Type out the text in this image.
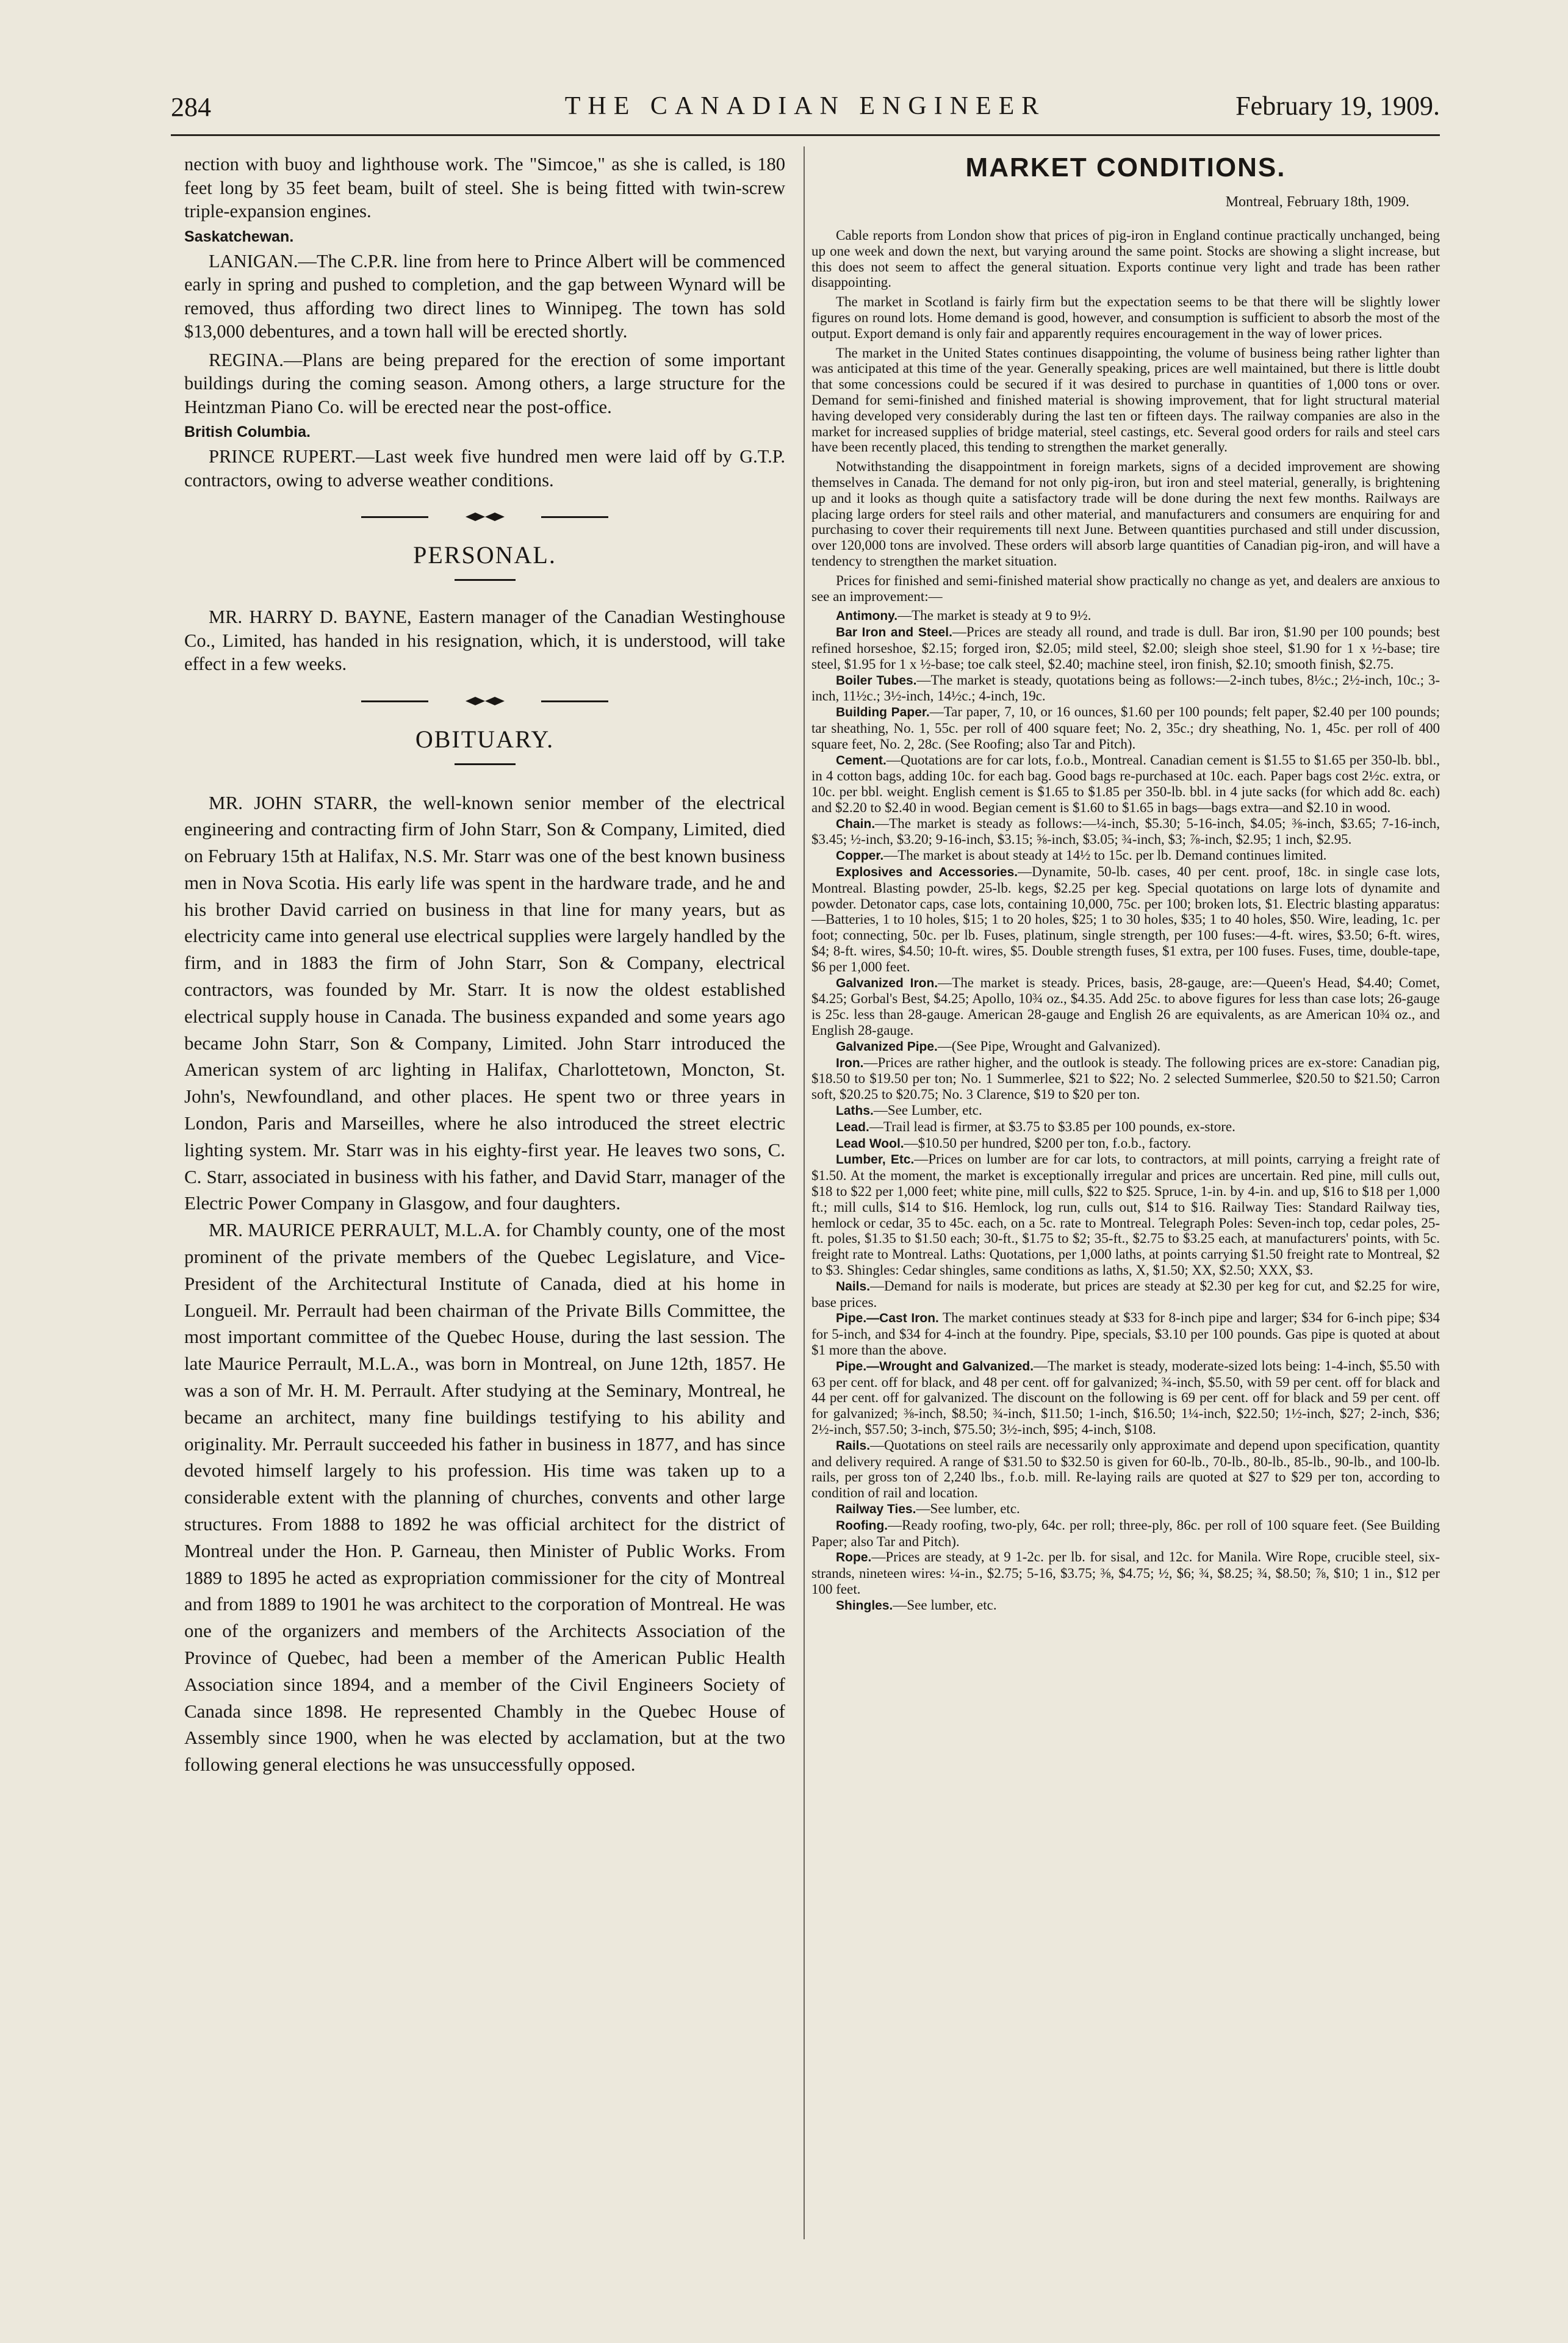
284	THE CANADIAN ENGINEER	February 19, 1909.

nection with buoy and lighthouse work. The "Simcoe," as she is called, is 180 feet long by 35 feet beam, built of steel. She is being fitted with twin-screw triple-expansion engines.

Saskatchewan.

LANIGAN.—The C.P.R. line from here to Prince Albert will be commenced early in spring and pushed to completion, and the gap between Wynard will be removed, thus affording two direct lines to Winnipeg. The town has sold $13,000 debentures, and a town hall will be erected shortly.

REGINA.—Plans are being prepared for the erection of some important buildings during the coming season. Among others, a large structure for the Heintzman Piano Co. will be erected near the post-office.

British Columbia.

PRINCE RUPERT.—Last week five hundred men were laid off by G.T.P. contractors, owing to adverse weather conditions.

PERSONAL.

MR. HARRY D. BAYNE, Eastern manager of the Canadian Westinghouse Co., Limited, has handed in his resignation, which, it is understood, will take effect in a few weeks.

OBITUARY.

MR. JOHN STARR, the well-known senior member of the electrical engineering and contracting firm of John Starr, Son & Company, Limited, died on February 15th at Halifax, N.S. Mr. Starr was one of the best known business men in Nova Scotia. His early life was spent in the hardware trade, and he and his brother David carried on business in that line for many years, but as electricity came into general use electrical supplies were largely handled by the firm, and in 1883 the firm of John Starr, Son & Company, electrical contractors, was founded by Mr. Starr. It is now the oldest established electrical supply house in Canada. The business expanded and some years ago became John Starr, Son & Company, Limited. John Starr introduced the American system of arc lighting in Halifax, Charlottetown, Moncton, St. John's, Newfoundland, and other places. He spent two or three years in London, Paris and Marseilles, where he also introduced the street electric lighting system. Mr. Starr was in his eighty-first year. He leaves two sons, C. C. Starr, associated in business with his father, and David Starr, manager of the Electric Power Company in Glasgow, and four daughters.

MR. MAURICE PERRAULT, M.L.A. for Chambly county, one of the most prominent of the private members of the Quebec Legislature, and Vice-President of the Architectural Institute of Canada, died at his home in Longueil. Mr. Perrault had been chairman of the Private Bills Committee, the most important committee of the Quebec House, during the last session. The late Maurice Perrault, M.L.A., was born in Montreal, on June 12th, 1857. He was a son of Mr. H. M. Perrault. After studying at the Seminary, Montreal, he became an architect, many fine buildings testifying to his ability and originality. Mr. Perrault succeeded his father in business in 1877, and has since devoted himself largely to his profession. His time was taken up to a considerable extent with the planning of churches, convents and other large structures. From 1888 to 1892 he was official architect for the district of Montreal under the Hon. P. Garneau, then Minister of Public Works. From 1889 to 1895 he acted as expropriation commissioner for the city of Montreal and from 1889 to 1901 he was architect to the corporation of Montreal. He was one of the organizers and members of the Architects Association of the Province of Quebec, had been a member of the American Public Health Association since 1894, and a member of the Civil Engineers Society of Canada since 1898. He represented Chambly in the Quebec House of Assembly since 1900, when he was elected by acclamation, but at the two following general elections he was unsuccessfully opposed.

MARKET CONDITIONS.
Montreal, February 18th, 1909.

Cable reports from London show that prices of pig-iron in England continue practically unchanged, being up one week and down the next, but varying around the same point. Stocks are showing a slight increase, but this does not seem to affect the general situation. Exports continue very light and trade has been rather disappointing.

The market in Scotland is fairly firm but the expectation seems to be that there will be slightly lower figures on round lots. Home demand is good, however, and consumption is sufficient to absorb the most of the output. Export demand is only fair and apparently requires encouragement in the way of lower prices.

The market in the United States continues disappointing, the volume of business being rather lighter than was anticipated at this time of the year. Generally speaking, prices are well maintained, but there is little doubt that some concessions could be secured if it was desired to purchase in quantities of 1,000 tons or over. Demand for semi-finished and finished material is showing improvement, that for light structural material having developed very considerably during the last ten or fifteen days. The railway companies are also in the market for increased supplies of bridge material, steel castings, etc. Several good orders for rails and steel cars have been recently placed, this tending to strengthen the market generally.

Notwithstanding the disappointment in foreign markets, signs of a decided improvement are showing themselves in Canada. The demand for not only pig-iron, but iron and steel material, generally, is brightening up and it looks as though quite a satisfactory trade will be done during the next few months. Railways are placing large orders for steel rails and other material, and manufacturers and consumers are enquiring for and purchasing to cover their requirements till next June. Between quantities purchased and still under discussion, over 120,000 tons are involved. These orders will absorb large quantities of Canadian pig-iron, and will have a tendency to strengthen the market situation.

Prices for finished and semi-finished material show practically no change as yet, and dealers are anxious to see an improvement:—

Antimony.—The market is steady at 9 to 9½.

Bar Iron and Steel.—Prices are steady all round, and trade is dull. Bar iron, $1.90 per 100 pounds; best refined horseshoe, $2.15; forged iron, $2.05; mild steel, $2.00; sleigh shoe steel, $1.90 for 1 x ½-base; tire steel, $1.95 for 1 x ½-base; toe calk steel, $2.40; machine steel, iron finish, $2.10; smooth finish, $2.75.

Boiler Tubes.—The market is steady, quotations being as follows:—2-inch tubes, 8½c.; 2½-inch, 10c.; 3-inch, 11½c.; 3½-inch, 14½c.; 4-inch, 19c.

Building Paper.—Tar paper, 7, 10, or 16 ounces, $1.60 per 100 pounds; felt paper, $2.40 per 100 pounds; tar sheathing, No. 1, 55c. per roll of 400 square feet; No. 2, 35c.; dry sheathing, No. 1, 45c. per roll of 400 square feet, No. 2, 28c. (See Roofing; also Tar and Pitch).

Cement.—Quotations are for car lots, f.o.b., Montreal. Canadian cement is $1.55 to $1.65 per 350-lb. bbl., in 4 cotton bags, adding 10c. for each bag. Good bags re-purchased at 10c. each. Paper bags cost 2½c. extra, or 10c. per bbl. weight. English cement is $1.65 to $1.85 per 350-lb. bbl. in 4 jute sacks (for which add 8c. each) and $2.20 to $2.40 in wood. Begian cement is $1.60 to $1.65 in bags—bags extra—and $2.10 in wood.

Chain.—The market is steady as follows:—¼-inch, $5.30; 5-16-inch, $4.05; ⅜-inch, $3.65; 7-16-inch, $3.45; ½-inch, $3.20; 9-16-inch, $3.15; ⅝-inch, $3.05; ¾-inch, $3; ⅞-inch, $2.95; 1 inch, $2.95.

Copper.—The market is about steady at 14½ to 15c. per lb. Demand continues limited.

Explosives and Accessories.—Dynamite, 50-lb. cases, 40 per cent. proof, 18c. in single case lots, Montreal. Blasting powder, 25-lb. kegs, $2.25 per keg. Special quotations on large lots of dynamite and powder. Detonator caps, case lots, containing 10,000, 75c. per 100; broken lots, $1. Electric blasting apparatus:—Batteries, 1 to 10 holes, $15; 1 to 20 holes, $25; 1 to 30 holes, $35; 1 to 40 holes, $50. Wire, leading, 1c. per foot; connecting, 50c. per lb. Fuses, platinum, single strength, per 100 fuses:—4-ft. wires, $3.50; 6-ft. wires, $4; 8-ft. wires, $4.50; 10-ft. wires, $5. Double strength fuses, $1 extra, per 100 fuses. Fuses, time, double-tape, $6 per 1,000 feet.

Galvanized Iron.—The market is steady. Prices, basis, 28-gauge, are:—Queen's Head, $4.40; Comet, $4.25; Gorbal's Best, $4.25; Apollo, 10¾ oz., $4.35. Add 25c. to above figures for less than case lots; 26-gauge is 25c. less than 28-gauge. American 28-gauge and English 26 are equivalents, as are American 10¾ oz., and English 28-gauge.

Galvanized Pipe.—(See Pipe, Wrought and Galvanized).

Iron.—Prices are rather higher, and the outlook is steady. The following prices are ex-store: Canadian pig, $18.50 to $19.50 per ton; No. 1 Summerlee, $21 to $22; No. 2 selected Summerlee, $20.50 to $21.50; Carron soft, $20.25 to $20.75; No. 3 Clarence, $19 to $20 per ton.

Laths.—See Lumber, etc.

Lead.—Trail lead is firmer, at $3.75 to $3.85 per 100 pounds, ex-store.

Lead Wool.—$10.50 per hundred, $200 per ton, f.o.b., factory.

Lumber, Etc.—Prices on lumber are for car lots, to contractors, at mill points, carrying a freight rate of $1.50. At the moment, the market is exceptionally irregular and prices are uncertain. Red pine, mill culls out, $18 to $22 per 1,000 feet; white pine, mill culls, $22 to $25. Spruce, 1-in. by 4-in. and up, $16 to $18 per 1,000 ft.; mill culls, $14 to $16. Hemlock, log run, culls out, $14 to $16. Railway Ties: Standard Railway ties, hemlock or cedar, 35 to 45c. each, on a 5c. rate to Montreal. Telegraph Poles: Seven-inch top, cedar poles, 25-ft. poles, $1.35 to $1.50 each; 30-ft., $1.75 to $2; 35-ft., $2.75 to $3.25 each, at manufacturers' points, with 5c. freight rate to Montreal. Laths: Quotations, per 1,000 laths, at points carrying $1.50 freight rate to Montreal, $2 to $3. Shingles: Cedar shingles, same conditions as laths, X, $1.50; XX, $2.50; XXX, $3.

Nails.—Demand for nails is moderate, but prices are steady at $2.30 per keg for cut, and $2.25 for wire, base prices.

Pipe.—Cast Iron. The market continues steady at $33 for 8-inch pipe and larger; $34 for 6-inch pipe; $34 for 5-inch, and $34 for 4-inch at the foundry. Pipe, specials, $3.10 per 100 pounds. Gas pipe is quoted at about $1 more than the above.

Pipe.—Wrought and Galvanized.—The market is steady, moderate-sized lots being: 1-4-inch, $5.50 with 63 per cent. off for black, and 48 per cent. off for galvanized; ¾-inch, $5.50, with 59 per cent. off for black and 44 per cent. off for galvanized. The discount on the following is 69 per cent. off for black and 59 per cent. off for galvanized; ⅜-inch, $8.50; ¾-inch, $11.50; 1-inch, $16.50; 1¼-inch, $22.50; 1½-inch, $27; 2-inch, $36; 2½-inch, $57.50; 3-inch, $75.50; 3½-inch, $95; 4-inch, $108.

Rails.—Quotations on steel rails are necessarily only approximate and depend upon specification, quantity and delivery required. A range of $31.50 to $32.50 is given for 60-lb., 70-lb., 80-lb., 85-lb., 90-lb., and 100-lb. rails, per gross ton of 2,240 lbs., f.o.b. mill. Re-laying rails are quoted at $27 to $29 per ton, according to condition of rail and location.

Railway Ties.—See lumber, etc.

Roofing.—Ready roofing, two-ply, 64c. per roll; three-ply, 86c. per roll of 100 square feet. (See Building Paper; also Tar and Pitch).

Rope.—Prices are steady, at 9 1-2c. per lb. for sisal, and 12c. for Manila. Wire Rope, crucible steel, six-strands, nineteen wires: ¼-in., $2.75; 5-16, $3.75; ⅜, $4.75; ½, $6; ¾, $8.25; ¾, $8.50; ⅞, $10; 1 in., $12 per 100 feet.

Shingles.—See lumber, etc.
